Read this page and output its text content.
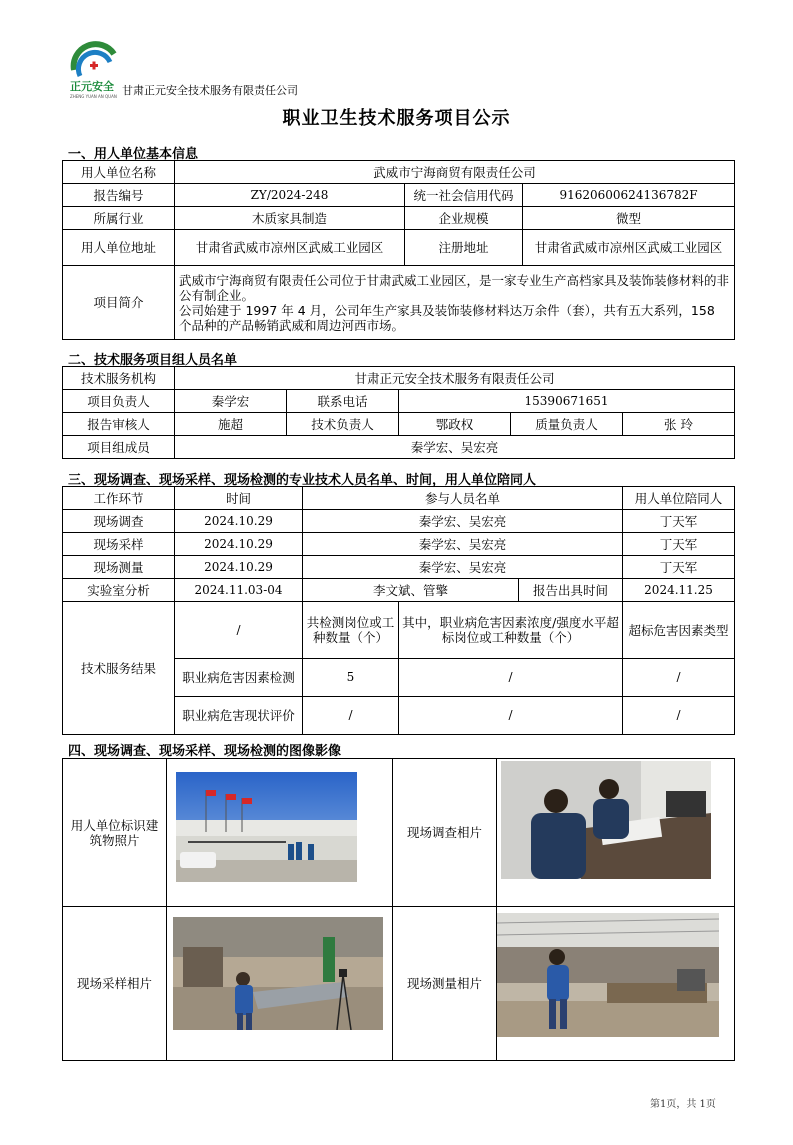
正元安全
ZHENG YUAN AN QUAN 甘肃正元安全技术服务有限责任公司
职业卫生技术服务项目公示
一、用人单位基本信息
用人单位名称	武威市宁海商贸有限责任公司		
报告编号	ZY/2024-248	统一社会信用代码	91620600624136782F
所属行业	木质家具制造	企业规模	微型
用人单位地址	甘肃省武威市凉州区武威工业园区	注册地址	甘肃省武威市凉州区武威工业园区
项目简介	武威市宁海商贸有限责任公司位于甘肃武威工业园区，是一家专业生产高档家具及装饰装修材料的非公有制企业。
公司始建于 1997 年 4 月，公司年生产家具及装饰装修材料达万余件（套），共有五大系列，158 个品种的产品畅销武威和周边河西市场。		
二、技术服务项目组人员名单
技术服务机构	甘肃正元安全技术服务有限责任公司				
项目负责人	秦学宏	联系电话	15390671651		
报告审核人	施超	技术负责人	鄂政权	质量负责人	张 玲
项目组成员	秦学宏、吴宏亮				
三、现场调查、现场采样、现场检测的专业技术人员名单、时间，用人单位陪同人
工作环节	时间	参与人员名单			用人单位陪同人
现场调查	2024.10.29	秦学宏、吴宏亮			丁天军
现场采样	2024.10.29	秦学宏、吴宏亮			丁天军
现场测量	2024.10.29	秦学宏、吴宏亮			丁天军
实验室分析	2024.11.03-04	李文斌、管擎		报告出具时间	2024.11.25
技术服务结果	/	共检测岗位或工种数量（个）	其中，职业病危害因素浓度/强度水平超标岗位或工种数量（个）		超标危害因素类型
	职业病危害因素检测	5	/		/
	职业病危害现状评价	/	/		/
四、现场调查、现场采样、现场检测的图像影像
用人单位标识建筑物照片		现场调查相片	
现场采样相片		现场测量相片	
第1页，共 1页
